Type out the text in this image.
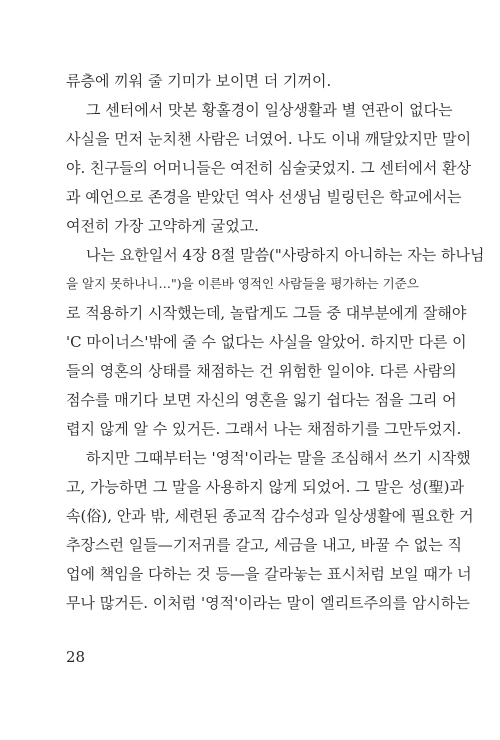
류층에 끼워 줄 기미가 보이면 더 기꺼이.
그 센터에서 맛본 황홀경이 일상생활과 별 연관이 없다는
사실을 먼저 눈치챈 사람은 너였어. 나도 이내 깨달았지만 말이
야. 친구들의 어머니들은 여전히 심술궂었지. 그 센터에서 환상
과 예언으로 존경을 받았던 역사 선생님 빌링턴은 학교에서는
여전히 가장 고약하게 굴었고.
나는 요한일서 4장 8절 말씀("사랑하지 아니하는 자는 하나님
을 알지 못하나니…")을 이른바 영적인 사람들을 평가하는 기준으
로 적용하기 시작했는데, 놀랍게도 그들 중 대부분에게 잘해야
'C 마이너스'밖에 줄 수 없다는 사실을 알았어. 하지만 다른 이
들의 영혼의 상태를 채점하는 건 위험한 일이야. 다른 사람의
점수를 매기다 보면 자신의 영혼을 잃기 쉽다는 점을 그리 어
렵지 않게 알 수 있거든. 그래서 나는 채점하기를 그만두었지.
하지만 그때부터는 '영적'이라는 말을 조심해서 쓰기 시작했
고, 가능하면 그 말을 사용하지 않게 되었어. 그 말은 성(聖)과
속(俗), 안과 밖, 세련된 종교적 감수성과 일상생활에 필요한 거
추장스런 일들—기저귀를 갈고, 세금을 내고, 바꿀 수 없는 직
업에 책임을 다하는 것 등—을 갈라놓는 표시처럼 보일 때가 너
무나 많거든. 이처럼 '영적'이라는 말이 엘리트주의를 암시하는
28
